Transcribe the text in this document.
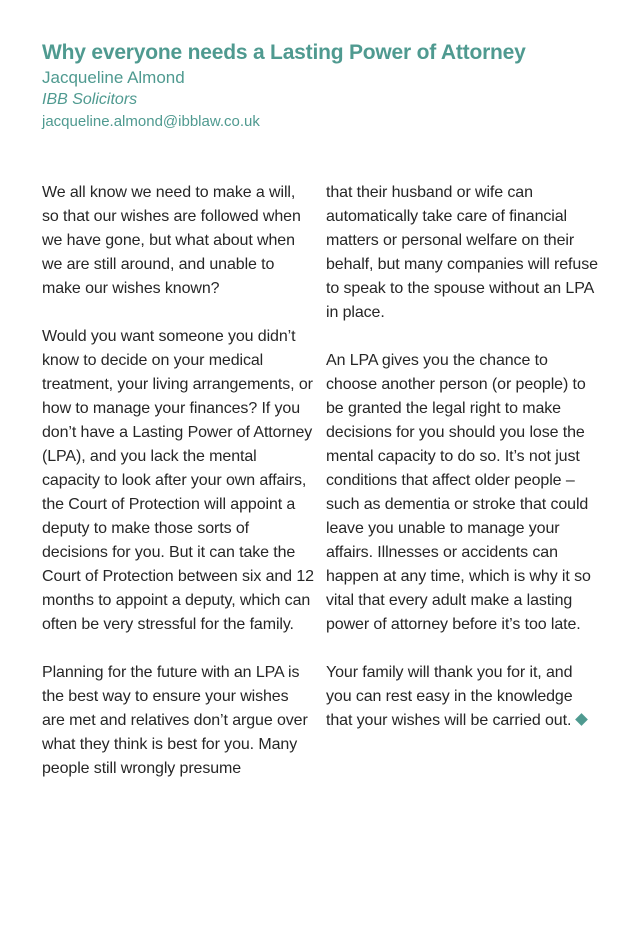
Why everyone needs a Lasting Power of Attorney
Jacqueline Almond
IBB Solicitors
jacqueline.almond@ibblaw.co.uk

We all know we need to make a will, so that our wishes are followed when we have gone, but what about when we are still around, and unable to make our wishes known?

Would you want someone you didn’t know to decide on your medical treatment, your living arrangements, or how to manage your finances? If you don’t have a Lasting Power of Attorney (LPA), and you lack the mental capacity to look after your own affairs, the Court of Protection will appoint a deputy to make those sorts of decisions for you. But it can take the Court of Protection between six and 12 months to appoint a deputy, which can often be very stressful for the family.

Planning for the future with an LPA is the best way to ensure your wishes are met and relatives don’t argue over what they think is best for you. Many people still wrongly presume

that their husband or wife can automatically take care of financial matters or personal welfare on their behalf, but many companies will refuse to speak to the spouse without an LPA in place.

An LPA gives you the chance to choose another person (or people) to be granted the legal right to make decisions for you should you lose the mental capacity to do so. It’s not just conditions that affect older people – such as dementia or stroke that could leave you unable to manage your affairs. Illnesses or accidents can happen at any time, which is why it so vital that every adult make a lasting power of attorney before it’s too late.

Your family will thank you for it, and you can rest easy in the knowledge that your wishes will be carried out.
